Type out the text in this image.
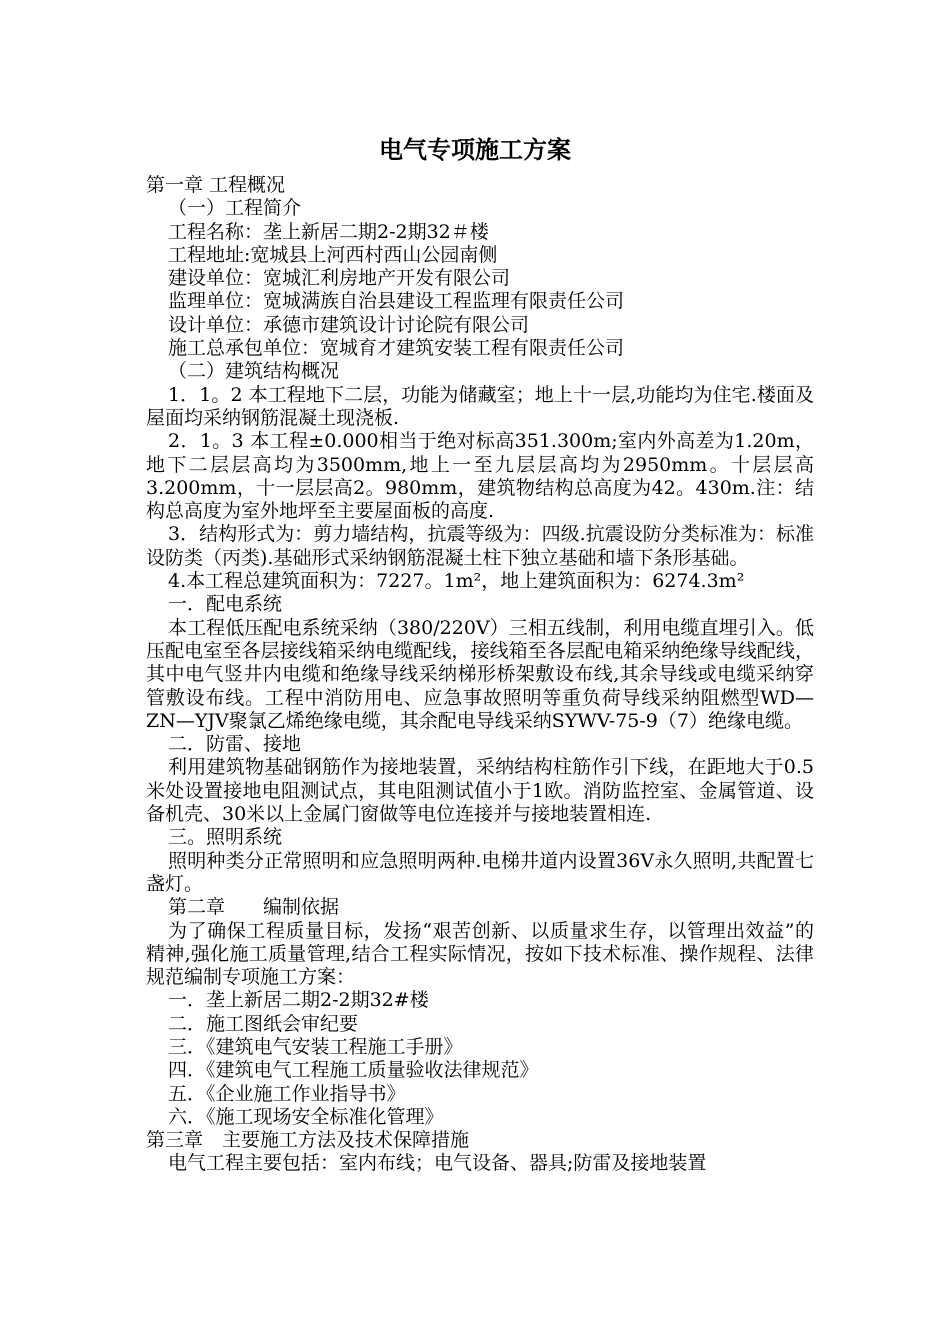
电气专项施工方案

第一章 工程概况

（一）工程简介

工程名称：垄上新居二期2-2期32＃楼

工程地址:宽城县上河西村西山公园南侧

建设单位：宽城汇利房地产开发有限公司

监理单位：宽城满族自治县建设工程监理有限责任公司

设计单位：承德市建筑设计讨论院有限公司

施工总承包单位：宽城育才建筑安装工程有限责任公司

（二）建筑结构概况

1．1。2 本工程地下二层，功能为储藏室；地上十一层,功能均为住宅.楼面及屋面均采纳钢筋混凝土现浇板.

2．1。3 本工程±0.000相当于绝对标高351.300m;室内外高差为1.20m，地下二层层高均为3500mm,地上一至九层层高均为2950mm。十层层高3.200mm，十一层层高2。980mm，建筑物结构总高度为42。430m.注：结构总高度为室外地坪至主要屋面板的高度.

3．结构形式为：剪力墙结构，抗震等级为：四级.抗震设防分类标准为：标准设防类（丙类).基础形式采纳钢筋混凝土柱下独立基础和墙下条形基础。

4.本工程总建筑面积为：7227。1m²，地上建筑面积为：6274.3m²

一．配电系统

本工程低压配电系统采纳（380/220V）三相五线制，利用电缆直埋引入。低压配电室至各层接线箱采纳电缆配线，接线箱至各层配电箱采纳绝缘导线配线，其中电气竖井内电缆和绝缘导线采纳梯形桥架敷设布线,其余导线或电缆采纳穿管敷设布线。工程中消防用电、应急事故照明等重负荷导线采纳阻燃型WD—ZN—YJV聚氯乙烯绝缘电缆，其余配电导线采纳SYWV-75-9（7）绝缘电缆。

二．防雷、接地

利用建筑物基础钢筋作为接地装置，采纳结构柱筋作引下线，在距地大于0.5米处设置接地电阻测试点，其电阻测试值小于1欧。消防监控室、金属管道、设备机壳、30米以上金属门窗做等电位连接并与接地装置相连.

三。照明系统

照明种类分正常照明和应急照明两种.电梯井道内设置36V永久照明,共配置七盏灯。

第二章　　编制依据

为了确保工程质量目标，发扬“艰苦创新、以质量求生存，以管理出效益”的精神,强化施工质量管理,结合工程实际情况，按如下技术标准、操作规程、法律规范编制专项施工方案：

一．垄上新居二期2-2期32#楼

二．施工图纸会审纪要

三．《建筑电气安装工程施工手册》

四．《建筑电气工程施工质量验收法律规范》

五．《企业施工作业指导书》

六．《施工现场安全标准化管理》

第三章　主要施工方法及技术保障措施

电气工程主要包括：室内布线；电气设备、器具;防雷及接地装置
